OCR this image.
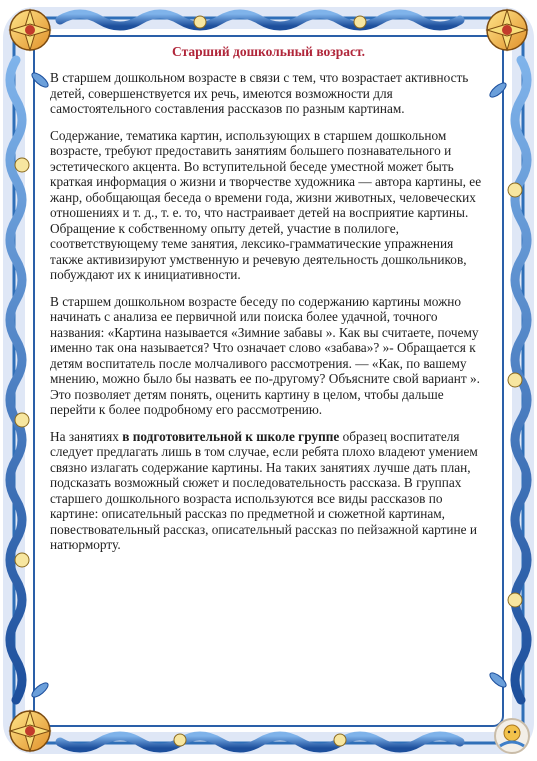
Старший дошкольный возраст.

В старшем дошкольном возрасте в связи с тем, что возрастает активность детей, совершенствуется их речь, имеются возможности для самостоятельного составления рассказов по разным картинам.

Содержание, тематика картин, использующих в старшем дошкольном возрасте, требуют предоставить занятиям большего познавательного и эстетического акцента. Во вступительной беседе уместной может быть краткая информация о жизни и творчестве художника — автора картины, ее жанр, обобщающая беседа о времени года, жизни животных, человеческих отношениях и т. д., т. е. то, что настраивает детей на восприятие картины. Обращение к собственному опыту детей, участие в полилоге, соответствующему теме занятия, лексико-грамматические упражнения также активизируют умственную и речевую деятельность дошкольников, побуждают их к инициативности.

В старшем дошкольном возрасте беседу по содержанию картины можно начинать с анализа ее первичной или поиска более удачной, точного названия: «Картина называется «Зимние забавы ». Как вы считаете, почему именно так она называется? Что означает слово «забава»? »- Обращается к детям воспитатель после молчаливого рассмотрения. — «Как, по вашему мнению, можно было бы назвать ее по-другому? Объясните свой вариант ». Это позволяет детям понять, оценить картину в целом, чтобы дальше перейти к более подробному его рассмотрению.

На занятиях в подготовительной к школе группе образец воспитателя следует предлагать лишь в том случае, если ребята плохо владеют умением связно излагать содержание картины. На таких занятиях лучше дать план, подсказать возможный сюжет и последовательность рассказа. В группах старшего дошкольного возраста используются все виды рассказов по картине: описательный рассказ по предметной и сюжетной картинам, повествовательный рассказ, описательный рассказ по пейзажной картине и натюрморту.
